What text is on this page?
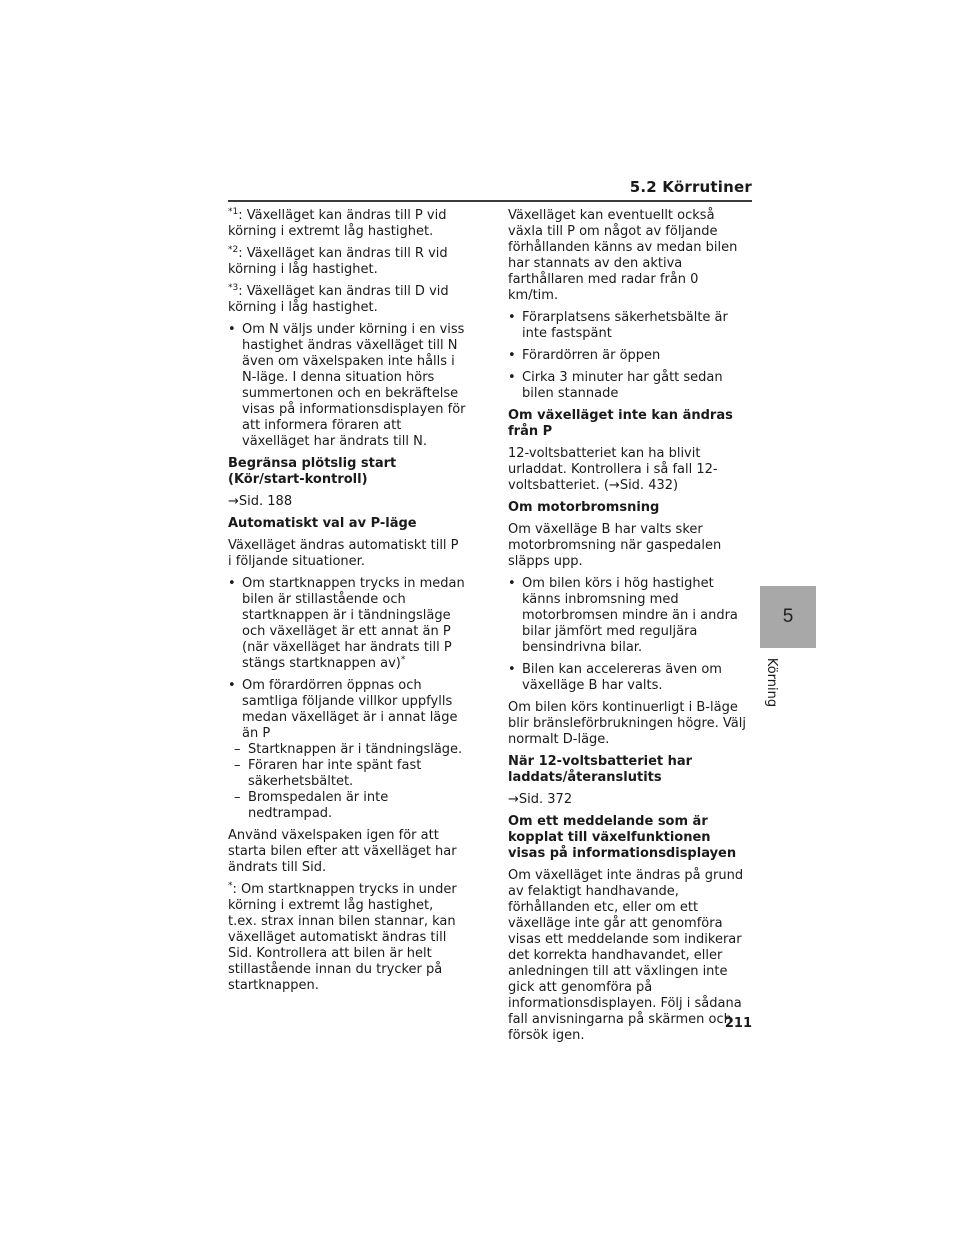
5.2 Körrutiner

$^{*1}$: Växelläget kan ändras till P vid körning i extremt låg hastighet.

$^{*2}$: Växelläget kan ändras till R vid körning i låg hastighet.

$^{*3}$: Växelläget kan ändras till D vid körning i låg hastighet.

• Om N väljs under körning i en viss hastighet ändras växelläget till N även om växelspaken inte hålls i N-läge. I denna situation hörs summertonen och en bekräftelse visas på informationsdisplayen för att informera föraren att växelläget har ändrats till N.
Begränsa plötslig start (Kör/start-kontroll)

→Sid. 188

Automatiskt val av P-läge

Växelläget ändras automatiskt till P i följande situationer.

• Om startknappen trycks in medan bilen är stillastående och startknappen är i tändningsläge och växelläget är ett annat än P (när växelläget har ändrats till P stängs startknappen av)*
• Om förardörren öppnas och samtliga följande villkor uppfylls medan växelläget är i annat läge än P
– Startknappen är i tändningsläge.
– Föraren har inte spänt fast säkerhetsbältet.
– Bromspedalen är inte nedtrampad.

Använd växelspaken igen för att starta bilen efter att växelläget har ändrats till Sid.

*: Om startknappen trycks in under körning i extremt låg hastighet, t.ex. strax innan bilen stannar, kan växelläget automatiskt ändras till Sid. Kontrollera att bilen är helt stillastående innan du trycker på startknappen.

Växelläget kan eventuellt också växla till P om något av följande förhållanden känns av medan bilen har stannats av den aktiva farthållaren med radar från 0 km/tim.

• Förarplatsens säkerhetsbälte är inte fastspänt
• Förardörren är öppen
• Cirka 3 minuter har gått sedan bilen stannade
Om växelläget inte kan ändras från P

12-voltsbatteriet kan ha blivit urladdat. Kontrollera i så fall 12-voltsbatteriet. (→Sid. 432)

Om motorbromsning

Om växelläge B har valts sker motorbromsning när gaspedalen släpps upp.

• Om bilen körs i hög hastighet känns inbromsning med motorbromsen mindre än i andra bilar jämfört med reguljära bensindrivna bilar.
• Bilen kan accelereras även om växelläge B har valts.

Om bilen körs kontinuerligt i B-läge blir bränsleförbrukningen högre. Välj normalt D-läge.

När 12-voltsbatteriet har laddats/återanslutits

→Sid. 372

Om ett meddelande som är kopplat till växelfunktionen visas på informationsdisplayen

Om växelläget inte ändras på grund av felaktigt handhavande, förhållanden etc, eller om ett växelläge inte går att genomföra visas ett meddelande som indikerar det korrekta handhavandet, eller anledningen till att växlingen inte gick att genomföra på informationsdisplayen. Följ i sådana fall anvisningarna på skärmen och försök igen.

5
Körning
211
